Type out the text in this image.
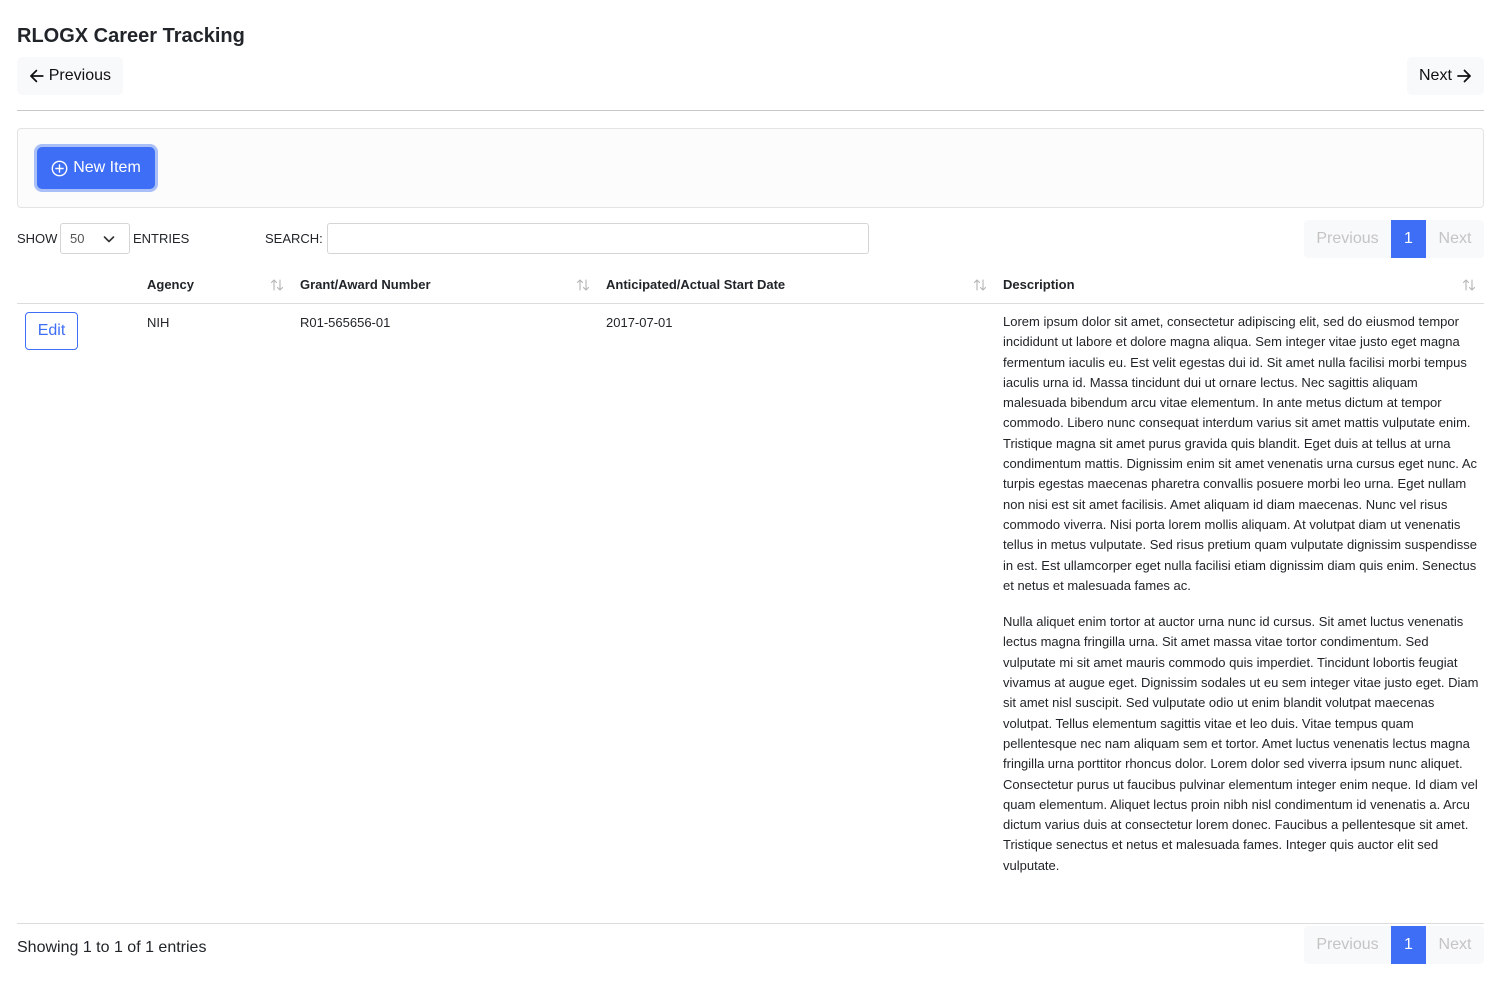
RLOGX Career Tracking
Previous	Next
New Item
SHOW 50	ENTRIES	SEARCH:	Previous	1	Next
Agency	Grant/Award Number	Anticipated/Actual Start Date	Description
Edit	NIH	R01-565656-01	2017-07-01	Lorem ipsum dolor sit amet, consectetur adipiscing elit, sed do eiusmod tempor incididunt ut labore et dolore magna aliqua. Sem integer vitae justo eget magna fermentum iaculis eu. Est velit egestas dui id. Sit amet nulla facilisi morbi tempus iaculis urna id. Massa tincidunt dui ut ornare lectus. Nec sagittis aliquam malesuada bibendum arcu vitae elementum. In ante metus dictum at tempor commodo. Libero nunc consequat interdum varius sit amet mattis vulputate enim. Tristique magna sit amet purus gravida quis blandit. Eget duis at tellus at urna condimentum mattis. Dignissim enim sit amet venenatis urna cursus eget nunc. Ac turpis egestas maecenas pharetra convallis posuere morbi leo urna. Eget nullam non nisi est sit amet facilisis. Amet aliquam id diam maecenas. Nunc vel risus commodo viverra. Nisi porta lorem mollis aliquam. At volutpat diam ut venenatis tellus in metus vulputate. Sed risus pretium quam vulputate dignissim suspendisse in est. Est ullamcorper eget nulla facilisi etiam dignissim diam quis enim. Senectus et netus et malesuada fames ac.

Nulla aliquet enim tortor at auctor urna nunc id cursus. Sit amet luctus venenatis lectus magna fringilla urna. Sit amet massa vitae tortor condimentum. Sed vulputate mi sit amet mauris commodo quis imperdiet. Tincidunt lobortis feugiat vivamus at augue eget. Dignissim sodales ut eu sem integer vitae justo eget. Diam sit amet nisl suscipit. Sed vulputate odio ut enim blandit volutpat maecenas volutpat. Tellus elementum sagittis vitae et leo duis. Vitae tempus quam pellentesque nec nam aliquam sem et tortor. Amet luctus venenatis lectus magna fringilla urna porttitor rhoncus dolor. Lorem dolor sed viverra ipsum nunc aliquet. Consectetur purus ut faucibus pulvinar elementum integer enim neque. Id diam vel quam elementum. Aliquet lectus proin nibh nisl condimentum id venenatis a. Arcu dictum varius duis at consectetur lorem donec. Faucibus a pellentesque sit amet. Tristique senectus et netus et malesuada fames. Integer quis auctor elit sed vulputate.

Showing 1 to 1 of 1 entries	Previous	1	Next
